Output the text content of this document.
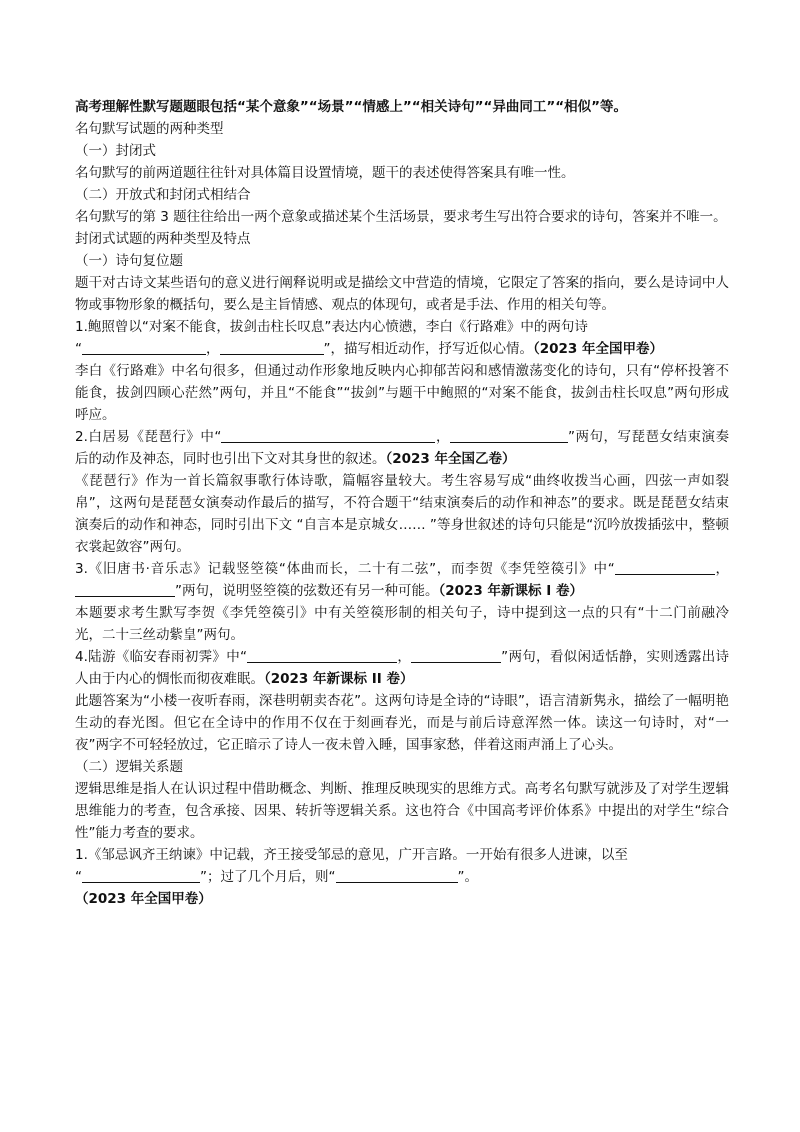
高考理解性默写题题眼包括“某个意象”“场景”“情感上”“相关诗句”“异曲同工”“相似”等。
名句默写试题的两种类型
（一）封闭式
名句默写的前两道题往往针对具体篇目设置情境，题干的表述使得答案具有唯一性。
（二）开放式和封闭式相结合
名句默写的第 3 题往往给出一两个意象或描述某个生活场景，要求考生写出符合要求的诗句，答案并不唯一。
封闭式试题的两种类型及特点
（一）诗句复位题
题干对古诗文某些语句的意义进行阐释说明或是描绘文中营造的情境，它限定了答案的指向，要么是诗词中人物或事物形象的概括句，要么是主旨情感、观点的体现句，或者是手法、作用的相关句等。
1.鲍照曾以“对案不能食，拔剑击柱长叹息”表达内心愤懑，李白《行路难》中的两句诗
“	，	”，描写相近动作，抒写近似心情。（2023 年全国甲卷）
李白《行路难》中名句很多，但通过动作形象地反映内心抑郁苦闷和感情激荡变化的诗句，只有“停杯投箸不能食，拔剑四顾心茫然”两句，并且“不能食”“拔剑”与题干中鲍照的“对案不能食，拔剑击柱长叹息”两句形成呼应。
2.白居易《琵琶行》中“	，	”两句，写琵琶女结束演奏后的动作及神态，同时也引出下文对其身世的叙述。（2023 年全国乙卷）
《琵琶行》作为一首长篇叙事歌行体诗歌，篇幅容量较大。考生容易写成“曲终收拨当心画，四弦一声如裂帛”，这两句是琵琶女演奏动作最后的描写，不符合题干“结束演奏后的动作和神态”的要求。既是琵琶女结束演奏后的动作和神态，同时引出下文 “自言本是京城女…… ”等身世叙述的诗句只能是“沉吟放拨插弦中，整顿衣裳起敛容”两句。
3.《旧唐书·音乐志》记载竖箜篌“体曲而长，二十有二弦”，而李贺《李凭箜篌引》中“	，”两句，说明竖箜篌的弦数还有另一种可能。（2023 年新课标 I 卷）
本题要求考生默写李贺《李凭箜篌引》中有关箜篌形制的相关句子，诗中提到这一点的只有“十二门前融冷光，二十三丝动紫皇”两句。
4.陆游《临安春雨初霁》中“	，	”两句，看似闲适恬静，实则透露出诗人由于内心的惆怅而彻夜难眠。（2023 年新课标 II 卷）
此题答案为“小楼一夜听春雨，深巷明朝卖杏花”。这两句诗是全诗的“诗眼”，语言清新隽永，描绘了一幅明艳生动的春光图。但它在全诗中的作用不仅在于刻画春光，而是与前后诗意浑然一体。读这一句诗时，对“一夜”两字不可轻轻放过，它正暗示了诗人一夜未曾入睡，国事家愁，伴着这雨声涌上了心头。
（二）逻辑关系题
逻辑思维是指人在认识过程中借助概念、判断、推理反映现实的思维方式。高考名句默写就涉及了对学生逻辑思维能力的考查，包含承接、因果、转折等逻辑关系。这也符合《中国高考评价体系》中提出的对学生“综合性”能力考查的要求。
1.《邹忌讽齐王纳谏》中记载，齐王接受邹忌的意见，广开言路。一开始有很多人进谏，以至
“	”；过了几个月后，则“	”。
（2023 年全国甲卷）
